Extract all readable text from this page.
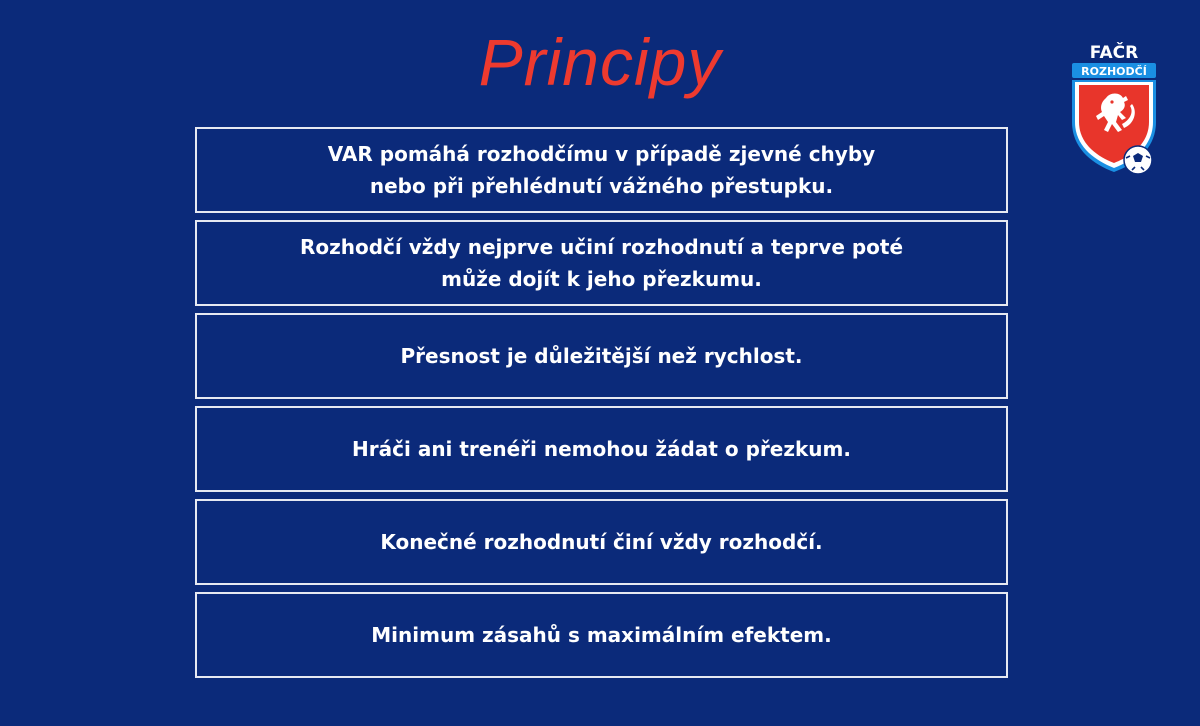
Principy
VAR pomáhá rozhodčímu v případě zjevné chyby
nebo při přehlédnutí vážného přestupku.
Rozhodčí vždy nejprve učiní rozhodnutí a teprve poté
může dojít k jeho přezkumu.
Přesnost je důležitější než rychlost.
Hráči ani trenéři nemohou žádat o přezkum.
Konečné rozhodnutí činí vždy rozhodčí.
Minimum zásahů s maximálním efektem.
FAČR
ROZHODČÍ
